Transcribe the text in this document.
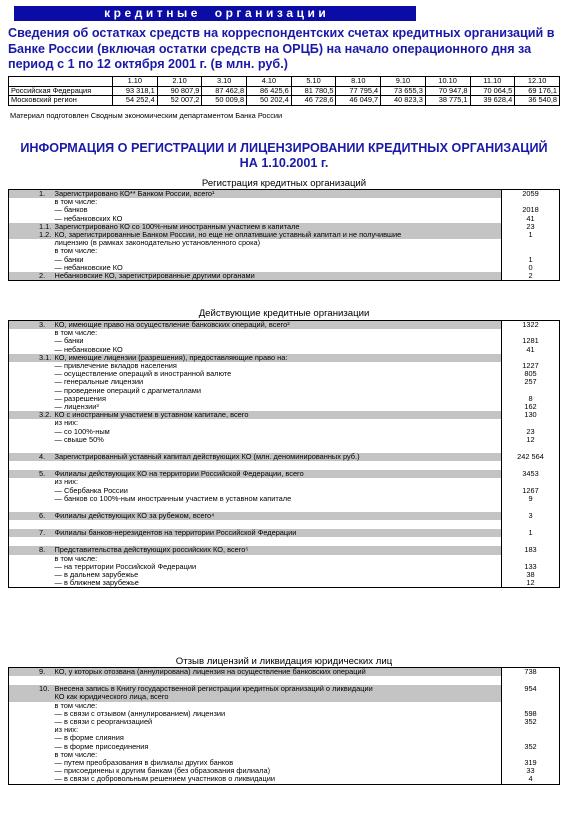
к р е д и т н ы е     о р г а н и з а ц и и
Сведения об остатках средств на корреспондентских счетах кредитных организаций в Банке России (включая остатки средств на ОРЦБ) на начало операционного дня за период с 1 по 12 октября 2001 г. (в млн. руб.)
	1.10	2.10	3.10	4.10	5.10	8.10	9.10	10.10	11.10	12.10
Российская Федерация	93 318,1	90 807,9	87 462,8	86 425,6	81 780,5	77 795,4	73 655,3	70 947,8	70 064,5	69 176,1
Московский регион	54 252,4	52 007,2	50 009,8	50 202,4	46 728,6	46 049,7	40 823,3	38 775,1	39 628,4	36 540,8
Материал подготовлен Сводным экономическим департаментом Банка России
ИНФОРМАЦИЯ О РЕГИСТРАЦИИ И ЛИЦЕНЗИРОВАНИИ КРЕДИТНЫХ ОРГАНИЗАЦИЙ
НА 1.10.2001 г.
Регистрация кредитных организаций
1.	Зарегистрировано КО** Банком России, всего¹	2059
	в том числе:	
	— банков	2018
	— небанковских КО	41
1.1.	Зарегистрировано КО со 100%-ным иностранным участием в капитале	23
1.2.	КО, зарегистрированные Банком России, но еще не оплатившие уставный капитал и не получившие	1
	лицензию (в рамках законодательно установленного срока)	
	в том числе:	
	— банки	1
	— небанковские КО	0
2.	Небанковские КО, зарегистрированные другими органами	2
Действующие кредитные организации
3.	КО, имеющие право на осуществление банковских операций, всего²	1322
	в том числе:	
	— банки	1281
	— небанковские КО	41
3.1.	КО, имеющие лицензии (разрешения), предоставляющие право на:	
	— привлечение вкладов населения	1227
	— осуществление операций в иностранной валюте	805
	— генеральные лицензии	257
	— проведение операций с драгметаллами	
	— разрешения	8
	— лицензии³	162
3.2.	КО с иностранным участием в уставном капитале, всего	130
	из них:	
	— со 100%-ным	23
	— свыше 50%	12

4.	Зарегистрированный уставный капитал действующих КО (млн. деноминированных руб.)	242 564

5.	Филиалы действующих КО на территории Российской Федерации, всего	3453
	из них:	
	— Сбербанка России	1267
	— банков со 100%-ным иностранным участием в уставном капитале	9

6.	Филиалы действующих КО за рубежом, всего⁴	3

7.	Филиалы банков-нерезидентов на территории Российской Федерации	1

8.	Представительства действующих российских КО, всего⁵	183
	в том числе:	
	— на территории Российской Федерации	133
	— в дальнем зарубежье	38
	— в ближнем зарубежье	12
Отзыв лицензий и ликвидация юридических лиц
9.	КО, у которых отозвана (аннулирована) лицензия на осуществление банковских операций	738

10.	Внесена запись в Книгу государственной регистрации кредитных организаций о ликвидации	954
	КО как юридического лица, всего	
	в том числе:	
	— в связи с отзывом (аннулированием) лицензии	598
	— в связи с реорганизацией	352
	из них:	
	— в форме слияния	
	— в форме присоединения	352
	в том числе:	
	— путем преобразования в филиалы других банков	319
	— присоединены к другим банкам (без образования филиала)	33
	— в связи с добровольным решением участников о ликвидации	4
